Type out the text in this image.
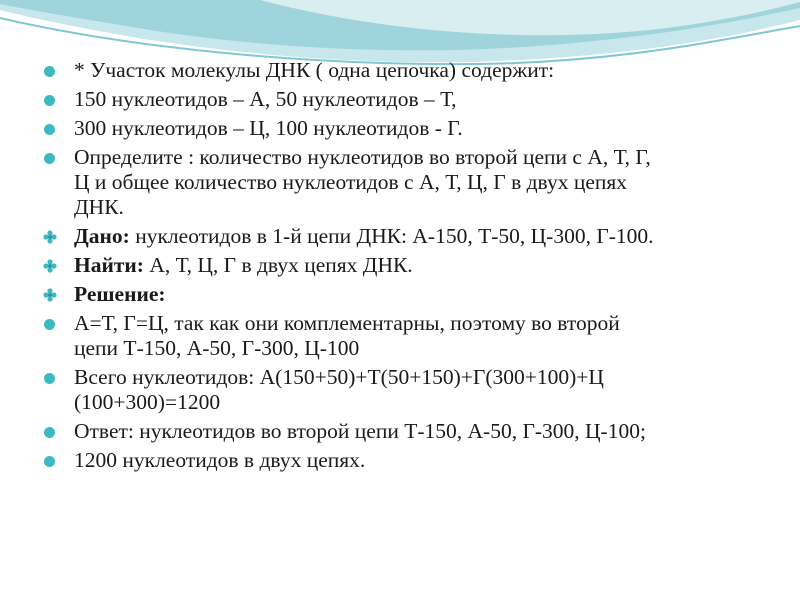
* Участок молекулы ДНК ( одна цепочка) содержит:
150 нуклеотидов – А, 50 нуклеотидов – Т,
300 нуклеотидов – Ц, 100 нуклеотидов - Г.
Определите : количество нуклеотидов во второй цепи с А, Т, Г,
Ц и общее количество нуклеотидов с А, Т, Ц, Г в двух цепях
ДНК.
Дано: нуклеотидов в 1-й цепи ДНК: А-150, Т-50, Ц-300, Г-100.
Найти: А, Т, Ц, Г в двух цепях ДНК.
Решение:
А=Т, Г=Ц, так как они комплементарны, поэтому во второй
цепи Т-150, А-50, Г-300, Ц-100
Всего нуклеотидов: А(150+50)+Т(50+150)+Г(300+100)+Ц
(100+300)=1200
Ответ: нуклеотидов во второй цепи Т-150, А-50, Г-300, Ц-100;
1200 нуклеотидов в двух цепях.
